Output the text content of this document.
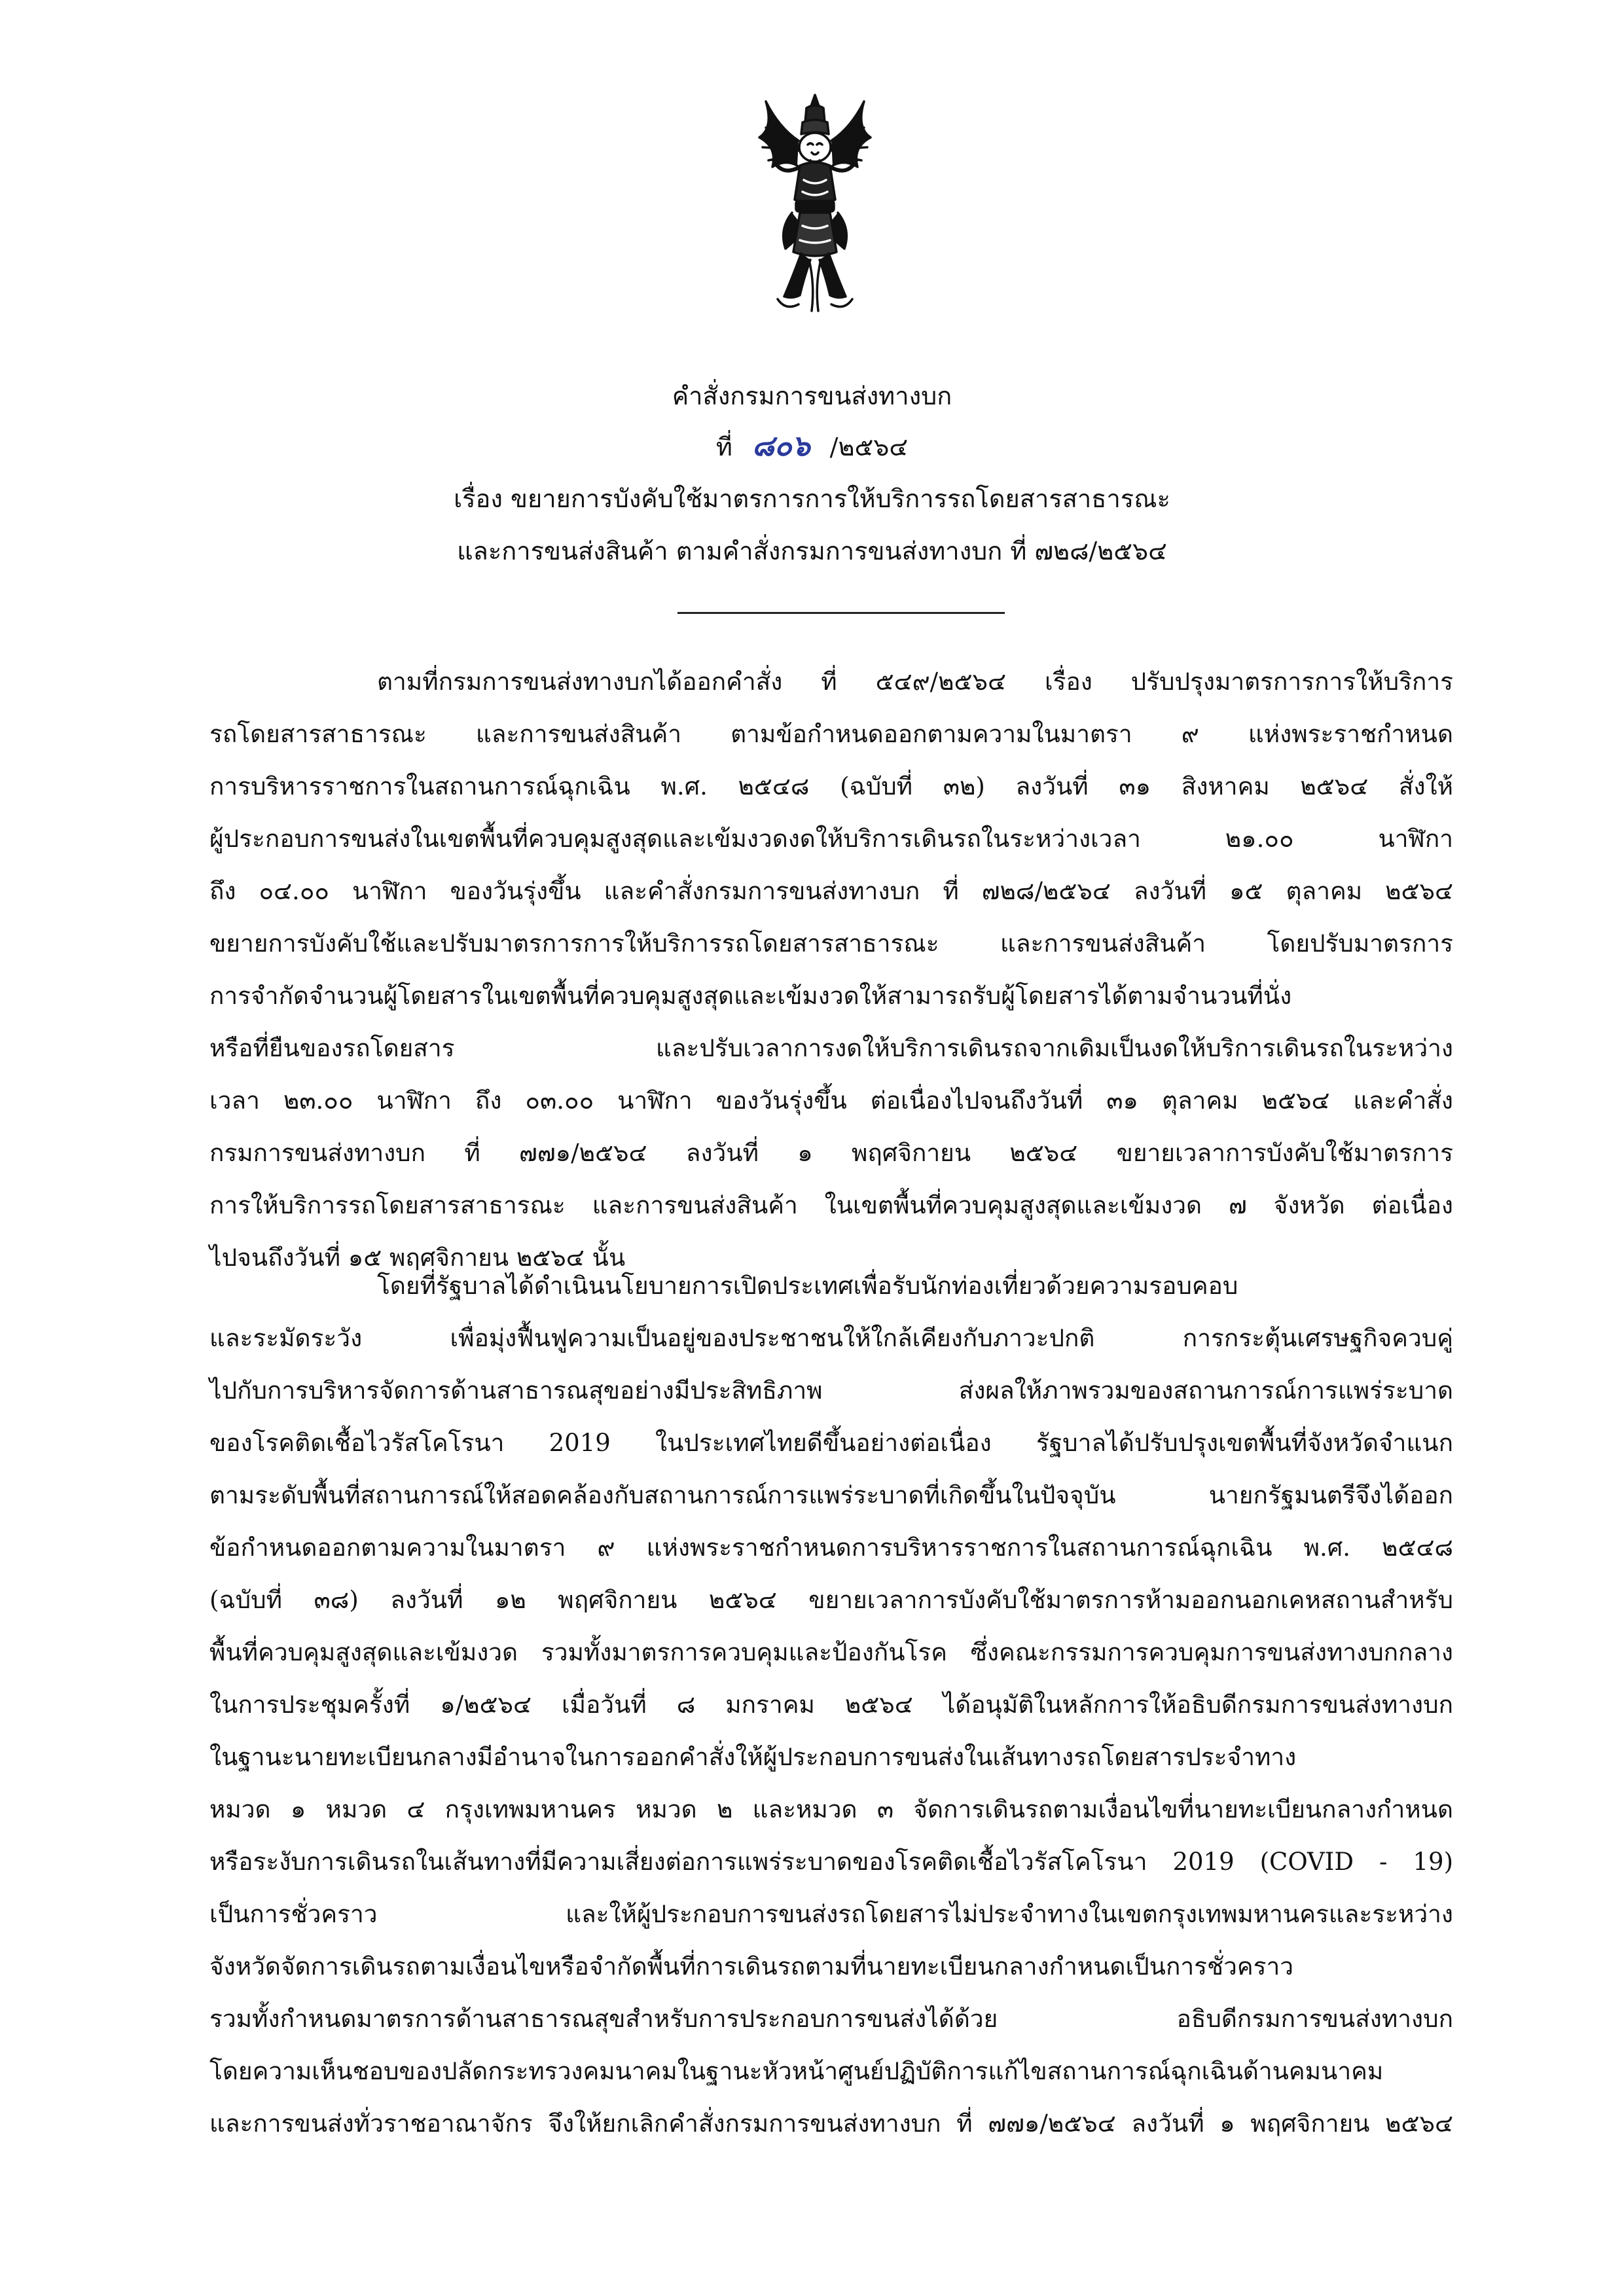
คำสั่งกรมการขนส่งทางบก
ที่ ๘๐๖ /๒๕๖๔
เรื่อง ขยายการบังคับใช้มาตรการการให้บริการรถโดยสารสาธารณะ
และการขนส่งสินค้า ตามคำสั่งกรมการขนส่งทางบก ที่ ๗๒๘/๒๕๖๔
ตามที่กรมการขนส่งทางบกได้ออกคำสั่ง ที่ ๕๔๙/๒๕๖๔ เรื่อง ปรับปรุงมาตรการการให้บริการ
รถโดยสารสาธารณะ และการขนส่งสินค้า ตามข้อกำหนดออกตามความในมาตรา ๙ แห่งพระราชกำหนด
การบริหารราชการในสถานการณ์ฉุกเฉิน พ.ศ. ๒๕๔๘ (ฉบับที่ ๓๒) ลงวันที่ ๓๑ สิงหาคม ๒๕๖๔ สั่งให้
ผู้ประกอบการขนส่งในเขตพื้นที่ควบคุมสูงสุดและเข้มงวดงดให้บริการเดินรถในระหว่างเวลา ๒๑.๐๐ นาฬิกา
ถึง ๐๔.๐๐ นาฬิกา ของวันรุ่งขึ้น และคำสั่งกรมการขนส่งทางบก ที่ ๗๒๘/๒๕๖๔ ลงวันที่ ๑๕ ตุลาคม ๒๕๖๔
ขยายการบังคับใช้และปรับมาตรการการให้บริการรถโดยสารสาธารณะ และการขนส่งสินค้า โดยปรับมาตรการ
การจำกัดจำนวนผู้โดยสารในเขตพื้นที่ควบคุมสูงสุดและเข้มงวดให้สามารถรับผู้โดยสารได้ตามจำนวนที่นั่ง
หรือที่ยืนของรถโดยสาร และปรับเวลาการงดให้บริการเดินรถจากเดิมเป็นงดให้บริการเดินรถในระหว่าง
เวลา ๒๓.๐๐ นาฬิกา ถึง ๐๓.๐๐ นาฬิกา ของวันรุ่งขึ้น ต่อเนื่องไปจนถึงวันที่ ๓๑ ตุลาคม ๒๕๖๔ และคำสั่ง
กรมการขนส่งทางบก ที่ ๗๗๑/๒๕๖๔ ลงวันที่ ๑ พฤศจิกายน ๒๕๖๔ ขยายเวลาการบังคับใช้มาตรการ
การให้บริการรถโดยสารสาธารณะ และการขนส่งสินค้า ในเขตพื้นที่ควบคุมสูงสุดและเข้มงวด ๗ จังหวัด ต่อเนื่อง
ไปจนถึงวันที่ ๑๕ พฤศจิกายน ๒๕๖๔ นั้น
โดยที่รัฐบาลได้ดำเนินนโยบายการเปิดประเทศเพื่อรับนักท่องเที่ยวด้วยความรอบคอบ
และระมัดระวัง เพื่อมุ่งฟื้นฟูความเป็นอยู่ของประชาชนให้ใกล้เคียงกับภาวะปกติ การกระตุ้นเศรษฐกิจควบคู่
ไปกับการบริหารจัดการด้านสาธารณสุขอย่างมีประสิทธิภาพ ส่งผลให้ภาพรวมของสถานการณ์การแพร่ระบาด
ของโรคติดเชื้อไวรัสโคโรนา 2019 ในประเทศไทยดีขึ้นอย่างต่อเนื่อง รัฐบาลได้ปรับปรุงเขตพื้นที่จังหวัดจำแนก
ตามระดับพื้นที่สถานการณ์ให้สอดคล้องกับสถานการณ์การแพร่ระบาดที่เกิดขึ้นในปัจจุบัน นายกรัฐมนตรีจึงได้ออก
ข้อกำหนดออกตามความในมาตรา ๙ แห่งพระราชกำหนดการบริหารราชการในสถานการณ์ฉุกเฉิน พ.ศ. ๒๕๔๘
(ฉบับที่ ๓๘) ลงวันที่ ๑๒ พฤศจิกายน ๒๕๖๔ ขยายเวลาการบังคับใช้มาตรการห้ามออกนอกเคหสถานสำหรับ
พื้นที่ควบคุมสูงสุดและเข้มงวด รวมทั้งมาตรการควบคุมและป้องกันโรค ซึ่งคณะกรรมการควบคุมการขนส่งทางบกกลาง
ในการประชุมครั้งที่ ๑/๒๕๖๔ เมื่อวันที่ ๘ มกราคม ๒๕๖๔ ได้อนุมัติในหลักการให้อธิบดีกรมการขนส่งทางบก
ในฐานะนายทะเบียนกลางมีอำนาจในการออกคำสั่งให้ผู้ประกอบการขนส่งในเส้นทางรถโดยสารประจำทาง
หมวด ๑ หมวด ๔ กรุงเทพมหานคร หมวด ๒ และหมวด ๓ จัดการเดินรถตามเงื่อนไขที่นายทะเบียนกลางกำหนด
หรือระงับการเดินรถในเส้นทางที่มีความเสี่ยงต่อการแพร่ระบาดของโรคติดเชื้อไวรัสโคโรนา 2019 (COVID - 19)
เป็นการชั่วคราว และให้ผู้ประกอบการขนส่งรถโดยสารไม่ประจำทางในเขตกรุงเทพมหานครและระหว่าง
จังหวัดจัดการเดินรถตามเงื่อนไขหรือจำกัดพื้นที่การเดินรถตามที่นายทะเบียนกลางกำหนดเป็นการชั่วคราว
รวมทั้งกำหนดมาตรการด้านสาธารณสุขสำหรับการประกอบการขนส่งได้ด้วย อธิบดีกรมการขนส่งทางบก
โดยความเห็นชอบของปลัดกระทรวงคมนาคมในฐานะหัวหน้าศูนย์ปฏิบัติการแก้ไขสถานการณ์ฉุกเฉินด้านคมนาคม
และการขนส่งทั่วราชอาณาจักร จึงให้ยกเลิกคำสั่งกรมการขนส่งทางบก ที่ ๗๗๑/๒๕๖๔ ลงวันที่ ๑ พฤศจิกายน ๒๕๖๔
